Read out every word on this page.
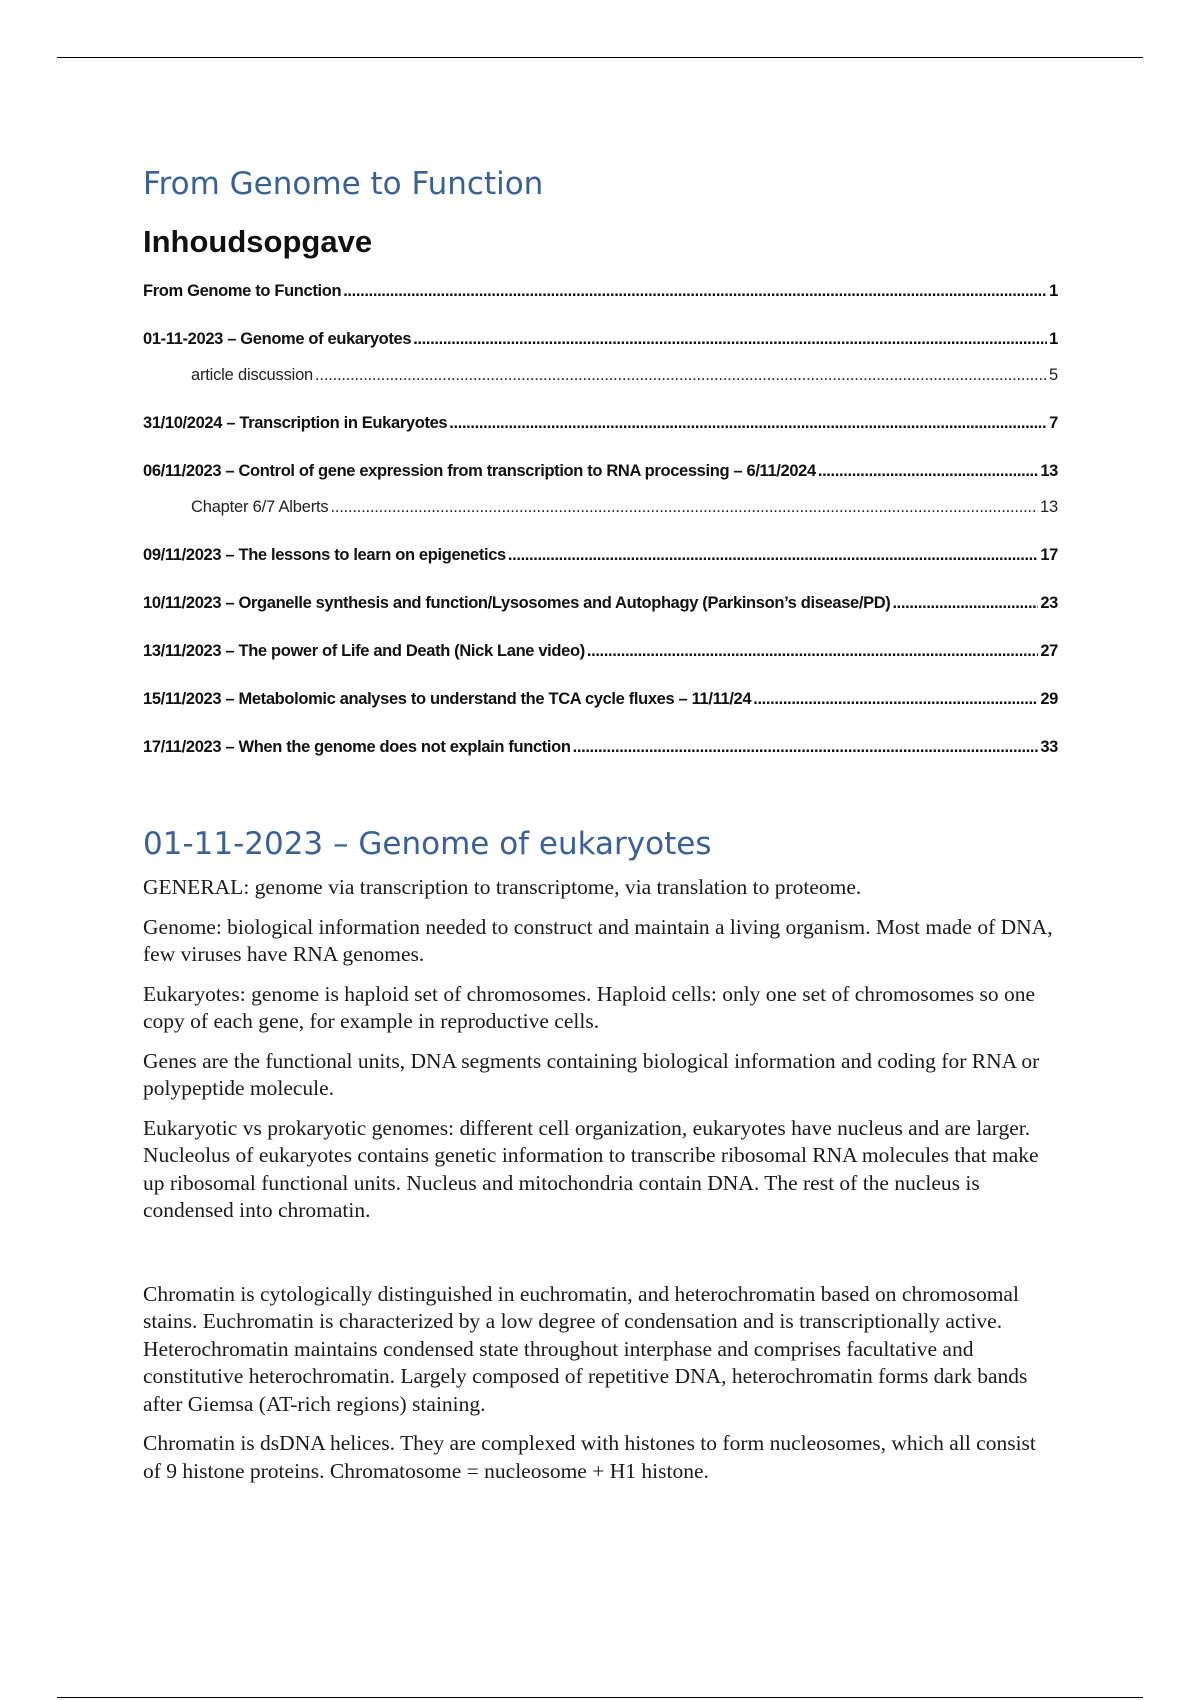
From Genome to Function
Inhoudsopgave
From Genome to Function .....	1
01-11-2023 – Genome of eukaryotes .....	1
article discussion .....	5
31/10/2024 – Transcription in Eukaryotes .....	7
06/11/2023 – Control of gene expression from transcription to RNA processing – 6/11/2024 .....	13
Chapter 6/7 Alberts .....	13
09/11/2023 – The lessons to learn on epigenetics .....	17
10/11/2023 – Organelle synthesis and function/Lysosomes and Autophagy (Parkinson’s disease/PD) .....	23
13/11/2023 – The power of Life and Death (Nick Lane video) .....	27
15/11/2023 – Metabolomic analyses to understand the TCA cycle fluxes – 11/11/24 .....	29
17/11/2023 – When the genome does not explain function .....	33
01-11-2023 – Genome of eukaryotes

GENERAL: genome via transcription to transcriptome, via translation to proteome.

Genome: biological information needed to construct and maintain a living organism. Most made of DNA, few viruses have RNA genomes.

Eukaryotes: genome is haploid set of chromosomes. Haploid cells: only one set of chromosomes so one copy of each gene, for example in reproductive cells.

Genes are the functional units, DNA segments containing biological information and coding for RNA or polypeptide molecule.

Eukaryotic vs prokaryotic genomes: different cell organization, eukaryotes have nucleus and are larger. Nucleolus of eukaryotes contains genetic information to transcribe ribosomal RNA molecules that make up ribosomal functional units. Nucleus and mitochondria contain DNA. The rest of the nucleus is condensed into chromatin.

Chromatin is cytologically distinguished in euchromatin, and heterochromatin based on chromosomal stains. Euchromatin is characterized by a low degree of condensation and is transcriptionally active. Heterochromatin maintains condensed state throughout interphase and comprises facultative and constitutive heterochromatin. Largely composed of repetitive DNA, heterochromatin forms dark bands after Giemsa (AT-rich regions) staining.

Chromatin is dsDNA helices. They are complexed with histones to form nucleosomes, which all consist of 9 histone proteins. Chromatosome = nucleosome + H1 histone.
